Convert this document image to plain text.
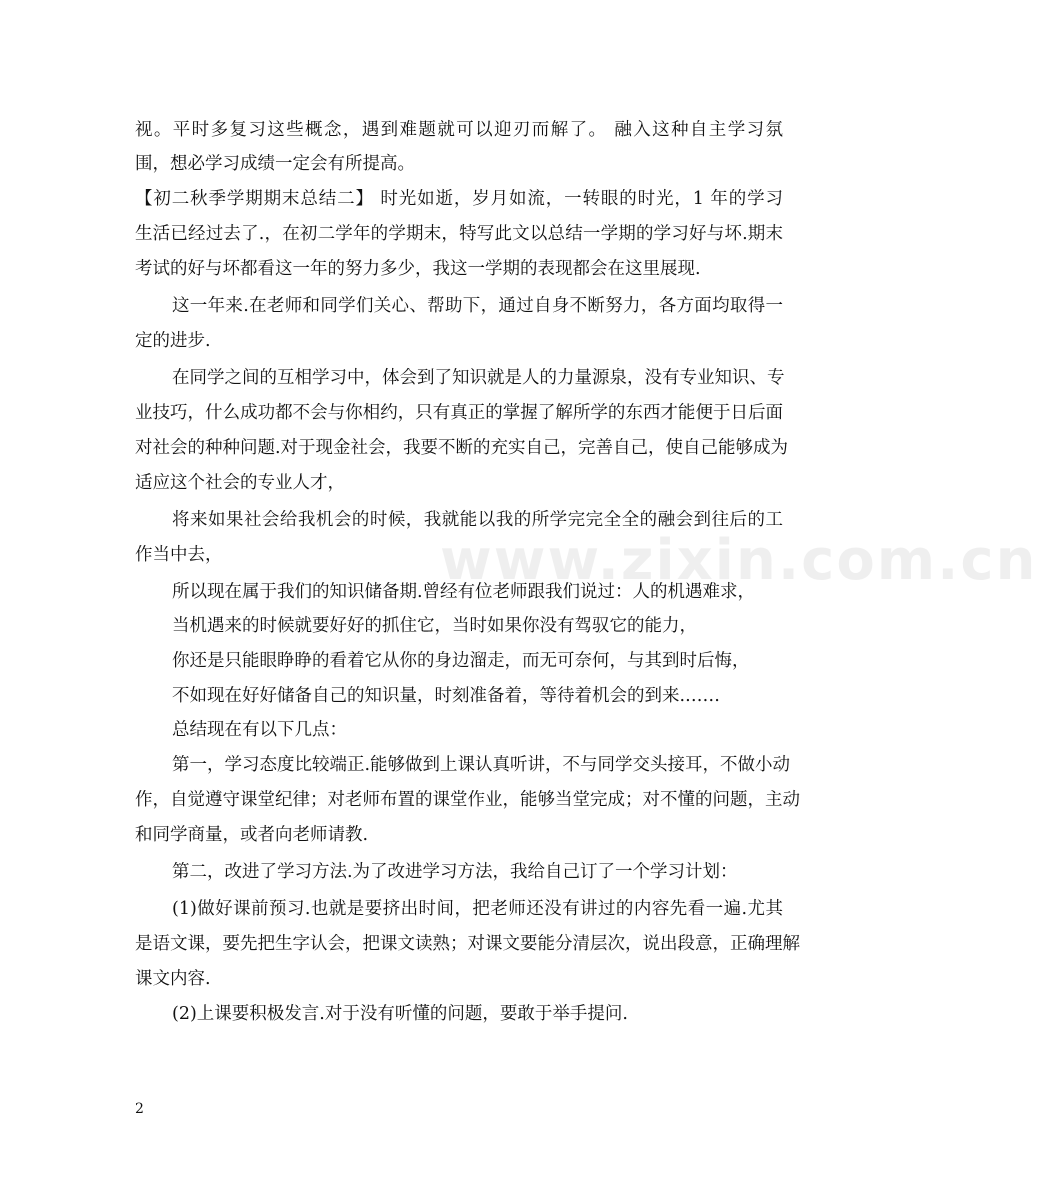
www.zixin.com.cn
视。平时多复习这些概念，遇到难题就可以迎刃而解了。 融入这种自主学习氛
围，想必学习成绩一定会有所提高。
【初二秋季学期期末总结二】 时光如逝，岁月如流，一转眼的时光，1 年的学习
生活已经过去了.，在初二学年的学期末，特写此文以总结一学期的学习好与坏.期末
考试的好与坏都看这一年的努力多少，我这一学期的表现都会在这里展现.
这一年来.在老师和同学们关心、帮助下，通过自身不断努力，各方面均取得一
定的进步.
在同学之间的互相学习中，体会到了知识就是人的力量源泉，没有专业知识、专
业技巧，什么成功都不会与你相约，只有真正的掌握了解所学的东西才能便于日后面
对社会的种种问题.对于现金社会，我要不断的充实自己，完善自己，使自己能够成为
适应这个社会的专业人才，
将来如果社会给我机会的时候，我就能以我的所学完完全全的融会到往后的工
作当中去，
所以现在属于我们的知识储备期.曾经有位老师跟我们说过：人的机遇难求，
当机遇来的时候就要好好的抓住它，当时如果你没有驾驭它的能力，
你还是只能眼睁睁的看着它从你的身边溜走，而无可奈何，与其到时后悔，
不如现在好好储备自己的知识量，时刻准备着，等待着机会的到来.……
总结现在有以下几点：
第一，学习态度比较端正.能够做到上课认真听讲，不与同学交头接耳，不做小动
作，自觉遵守课堂纪律；对老师布置的课堂作业，能够当堂完成；对不懂的问题，主动
和同学商量，或者向老师请教.
第二，改进了学习方法.为了改进学习方法，我给自己订了一个学习计划：
(1)做好课前预习.也就是要挤出时间，把老师还没有讲过的内容先看一遍.尤其
是语文课，要先把生字认会，把课文读熟；对课文要能分清层次，说出段意，正确理解
课文内容.
(2)上课要积极发言.对于没有听懂的问题，要敢于举手提问.
2
